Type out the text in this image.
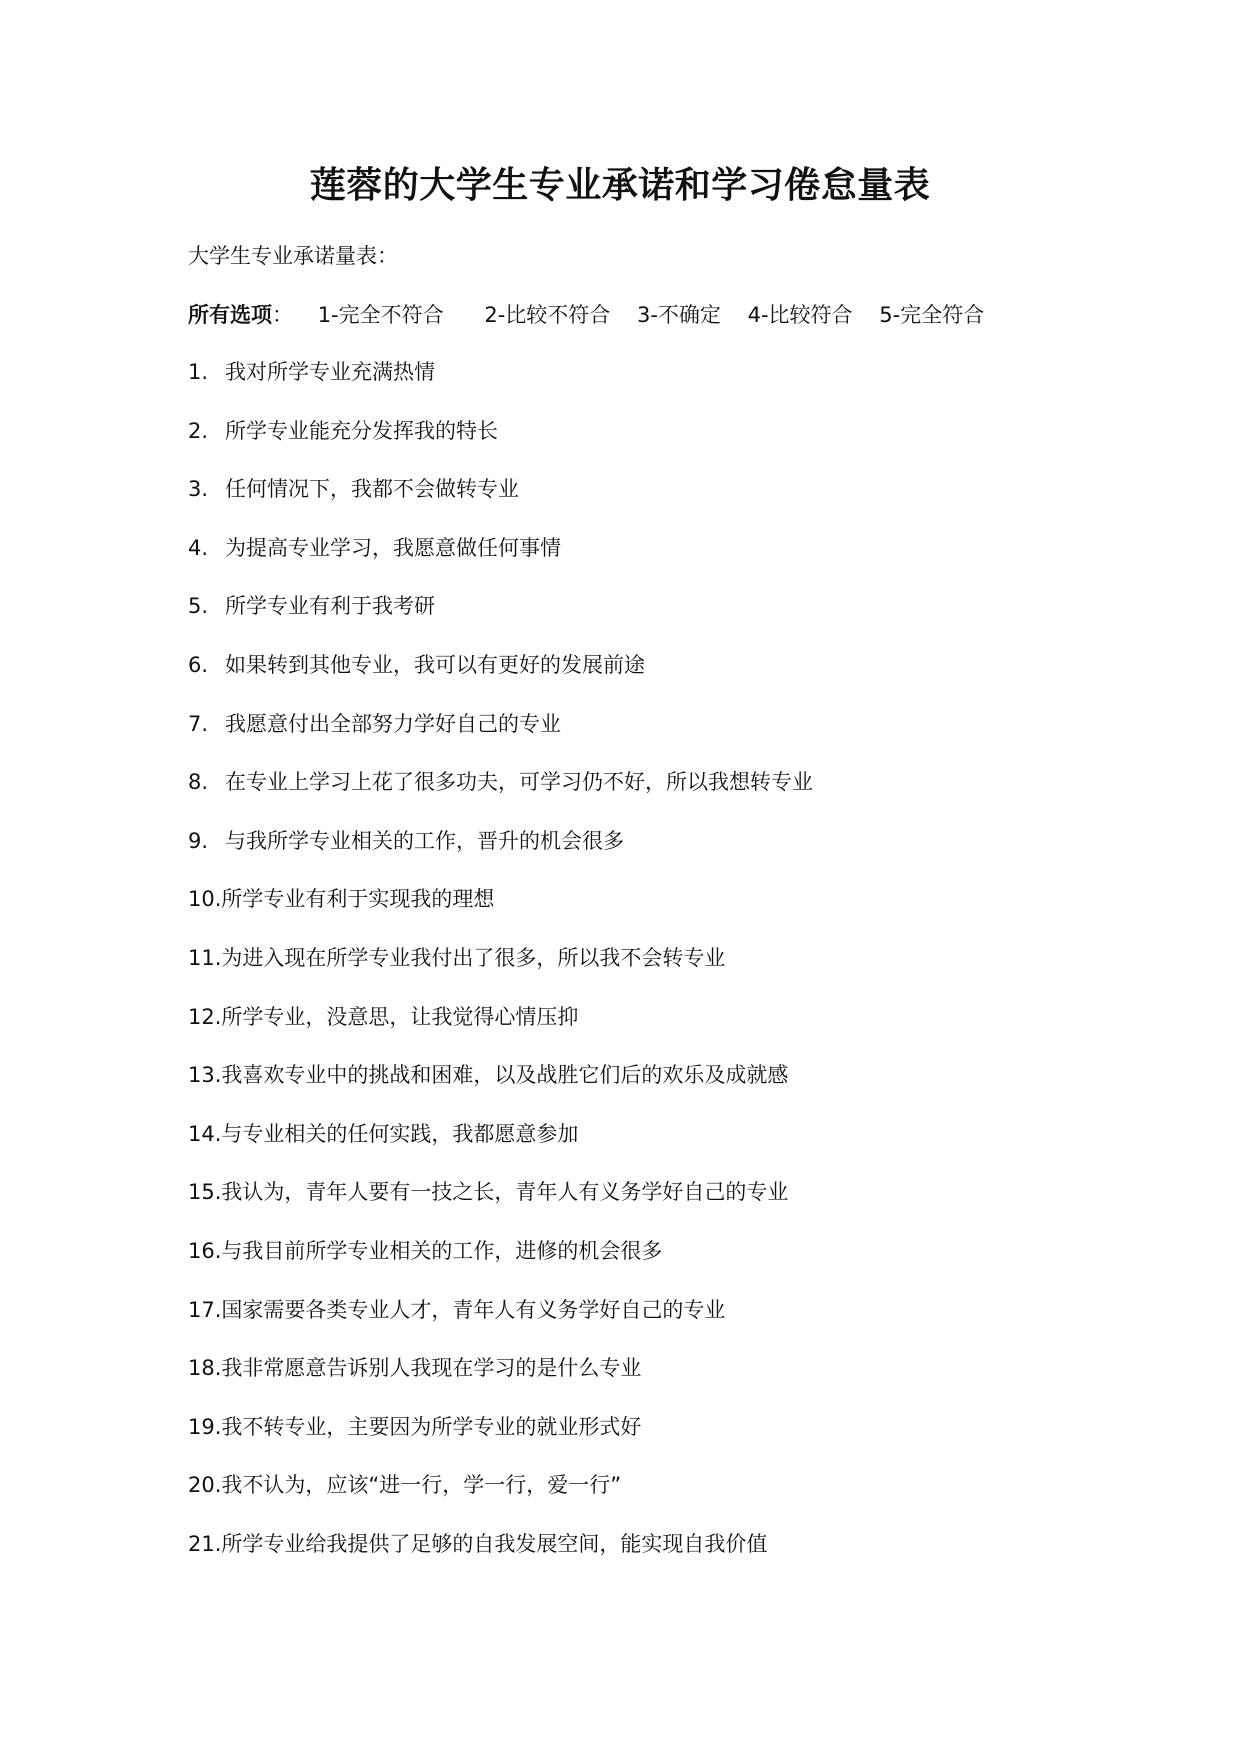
莲蓉的大学生专业承诺和学习倦怠量表
大学生专业承诺量表：
所有选项： 1-完全不符合 2-比较不符合 3-不确定 4-比较符合 5-完全符合
1. 我对所学专业充满热情
2. 所学专业能充分发挥我的特长
3. 任何情况下，我都不会做转专业
4. 为提高专业学习，我愿意做任何事情
5. 所学专业有利于我考研
6. 如果转到其他专业，我可以有更好的发展前途
7. 我愿意付出全部努力学好自己的专业
8. 在专业上学习上花了很多功夫，可学习仍不好，所以我想转专业
9. 与我所学专业相关的工作，晋升的机会很多
10.所学专业有利于实现我的理想
11.为进入现在所学专业我付出了很多，所以我不会转专业
12.所学专业，没意思，让我觉得心情压抑
13.我喜欢专业中的挑战和困难，以及战胜它们后的欢乐及成就感
14.与专业相关的任何实践，我都愿意参加
15.我认为，青年人要有一技之长，青年人有义务学好自己的专业
16.与我目前所学专业相关的工作，进修的机会很多
17.国家需要各类专业人才，青年人有义务学好自己的专业
18.我非常愿意告诉别人我现在学习的是什么专业
19.我不转专业，主要因为所学专业的就业形式好
20.我不认为，应该“进一行，学一行，爱一行”
21.所学专业给我提供了足够的自我发展空间，能实现自我价值
